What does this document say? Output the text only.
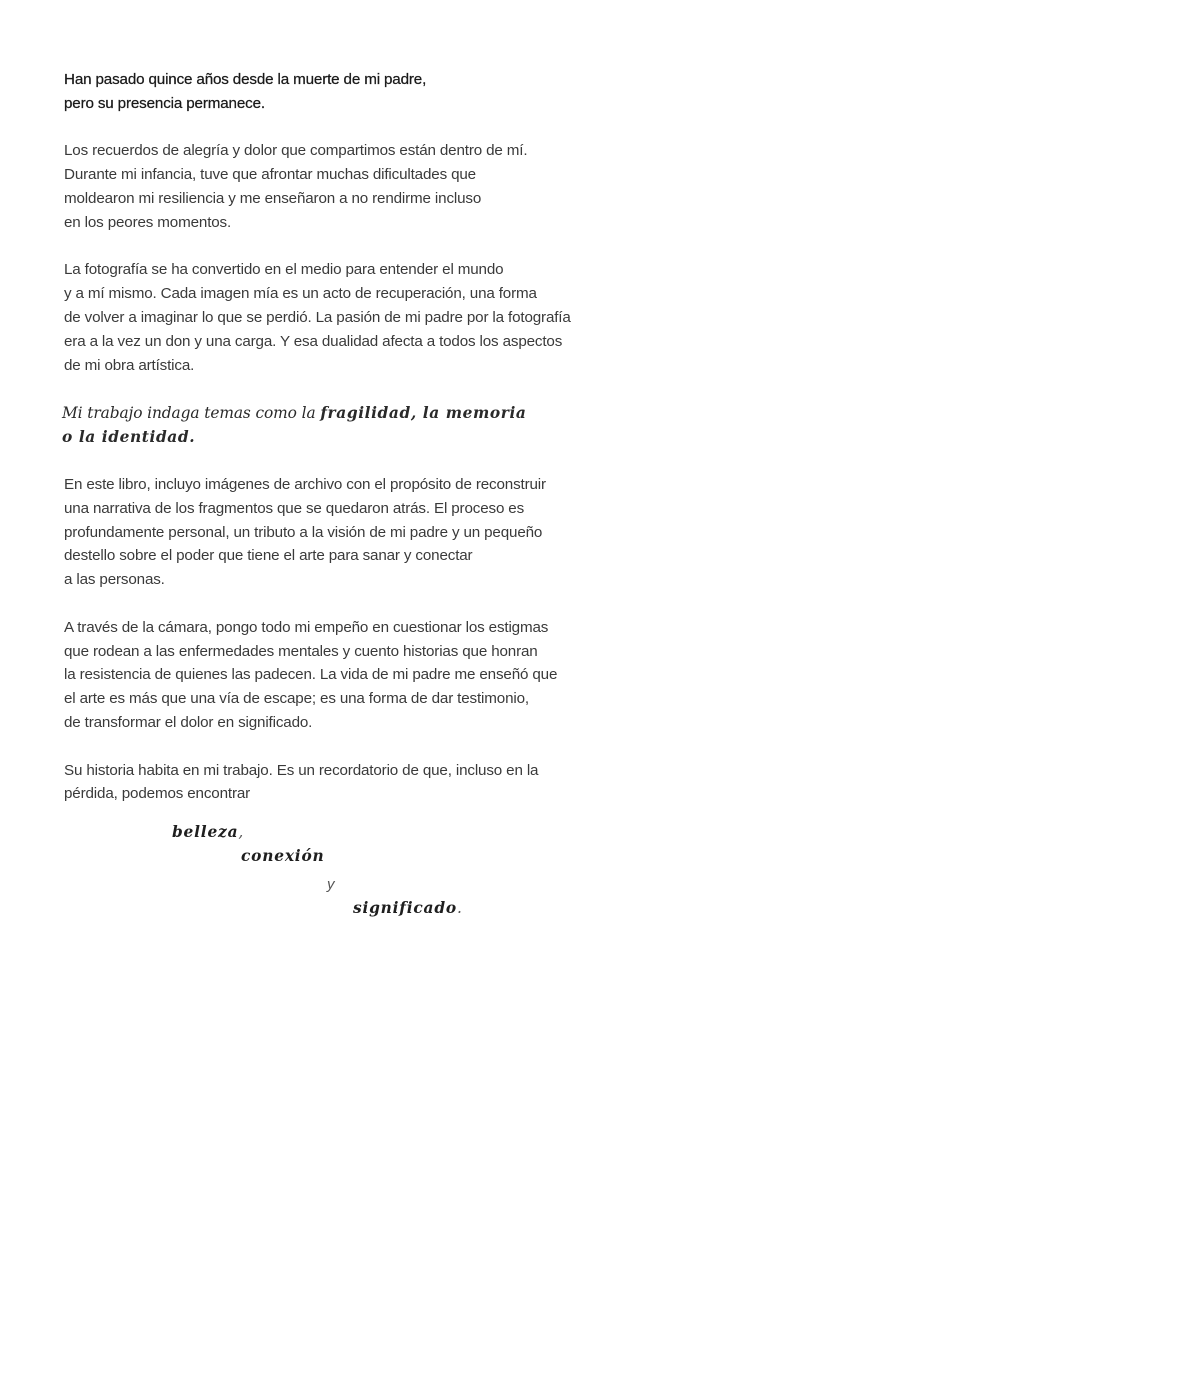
Han pasado quince años desde la muerte de mi padre,
pero su presencia permanece.

Los recuerdos de alegría y dolor que compartimos están dentro de mí.
Durante mi infancia, tuve que afrontar muchas dificultades que
moldearon mi resiliencia y me enseñaron a no rendirme incluso
en los peores momentos.

La fotografía se ha convertido en el medio para entender el mundo
y a mí mismo. Cada imagen mía es un acto de recuperación, una forma
de volver a imaginar lo que se perdió. La pasión de mi padre por la fotografía
era a la vez un don y una carga. Y esa dualidad afecta a todos los aspectos
de mi obra artística.

Mi trabajo indaga temas como la fragilidad, la memoria
o la identidad.

En este libro, incluyo imágenes de archivo con el propósito de reconstruir
una narrativa de los fragmentos que se quedaron atrás. El proceso es
profundamente personal, un tributo a la visión de mi padre y un pequeño
destello sobre el poder que tiene el arte para sanar y conectar
a las personas.

A través de la cámara, pongo todo mi empeño en cuestionar los estigmas
que rodean a las enfermedades mentales y cuento historias que honran
la resistencia de quienes las padecen. La vida de mi padre me enseñó que
el arte es más que una vía de escape; es una forma de dar testimonio,
de transformar el dolor en significado.

Su historia habita en mi trabajo. Es un recordatorio de que, incluso en la
pérdida, podemos encontrar

belleza,
conexión
y
significado.
